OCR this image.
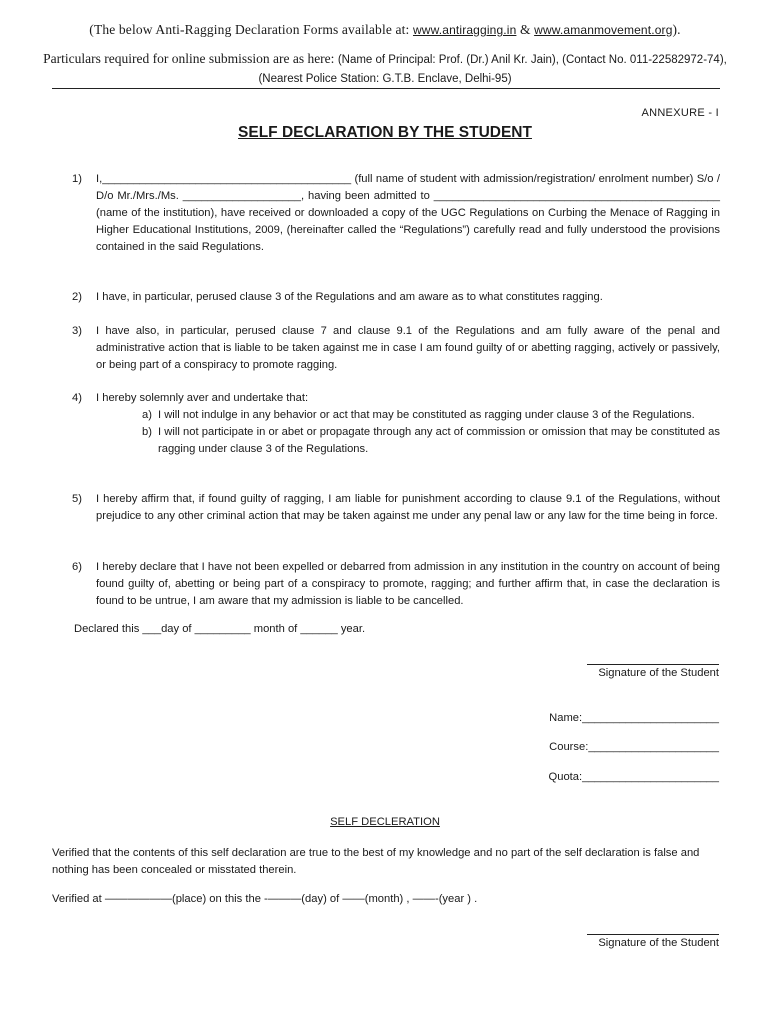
(The below Anti-Ragging Declaration Forms available at: www.antiragging.in & www.amanmovement.org).
Particulars required for online submission are as here: (Name of Principal: Prof. (Dr.) Anil Kr. Jain), (Contact No. 011-22582972-74), (Nearest Police Station: G.T.B. Enclave, Delhi-95)
ANNEXURE - I
SELF DECLARATION BY THE STUDENT
1) I,________________________________________ (full name of student with admission/registration/ enrolment number) S/o / D/o Mr./Mrs./Ms. ___________________, having been admitted to ______________________________________________ (name of the institution), have received or downloaded a copy of the UGC Regulations on Curbing the Menace of Ragging in Higher Educational Institutions, 2009, (hereinafter called the “Regulations”) carefully read and fully understood the provisions contained in the said Regulations.
2) I have, in particular, perused clause 3 of the Regulations and am aware as to what constitutes ragging.
3) I have also, in particular, perused clause 7 and clause 9.1 of the Regulations and am fully aware of the penal and administrative action that is liable to be taken against me in case I am found guilty of or abetting ragging, actively or passively, or being part of a conspiracy to promote ragging.
4) I hereby solemnly aver and undertake that:
a) I will not indulge in any behavior or act that may be constituted as ragging under clause 3 of the Regulations.
b) I will not participate in or abet or propagate through any act of commission or omission that may be constituted as ragging under clause 3 of the Regulations.
5) I hereby affirm that, if found guilty of ragging, I am liable for punishment according to clause 9.1 of the Regulations, without prejudice to any other criminal action that may be taken against me under any penal law or any law for the time being in force.
6) I hereby declare that I have not been expelled or debarred from admission in any institution in the country on account of being found guilty of, abetting or being part of a conspiracy to promote, ragging; and further affirm that, in case the declaration is found to be untrue, I am aware that my admission is liable to be cancelled.
Declared this ___day of _________ month of ______ year.
Signature of the Student
Name:______________________
Course:_____________________
Quota:______________________
SELF DECLERATION
Verified that the contents of this self declaration are true to the best of my knowledge and no part of the self declaration is false and nothing has been concealed or misstated therein.
Verified at ——————(place) on this the -———(day) of ——(month) , ——-(year ) .
Signature of the Student
